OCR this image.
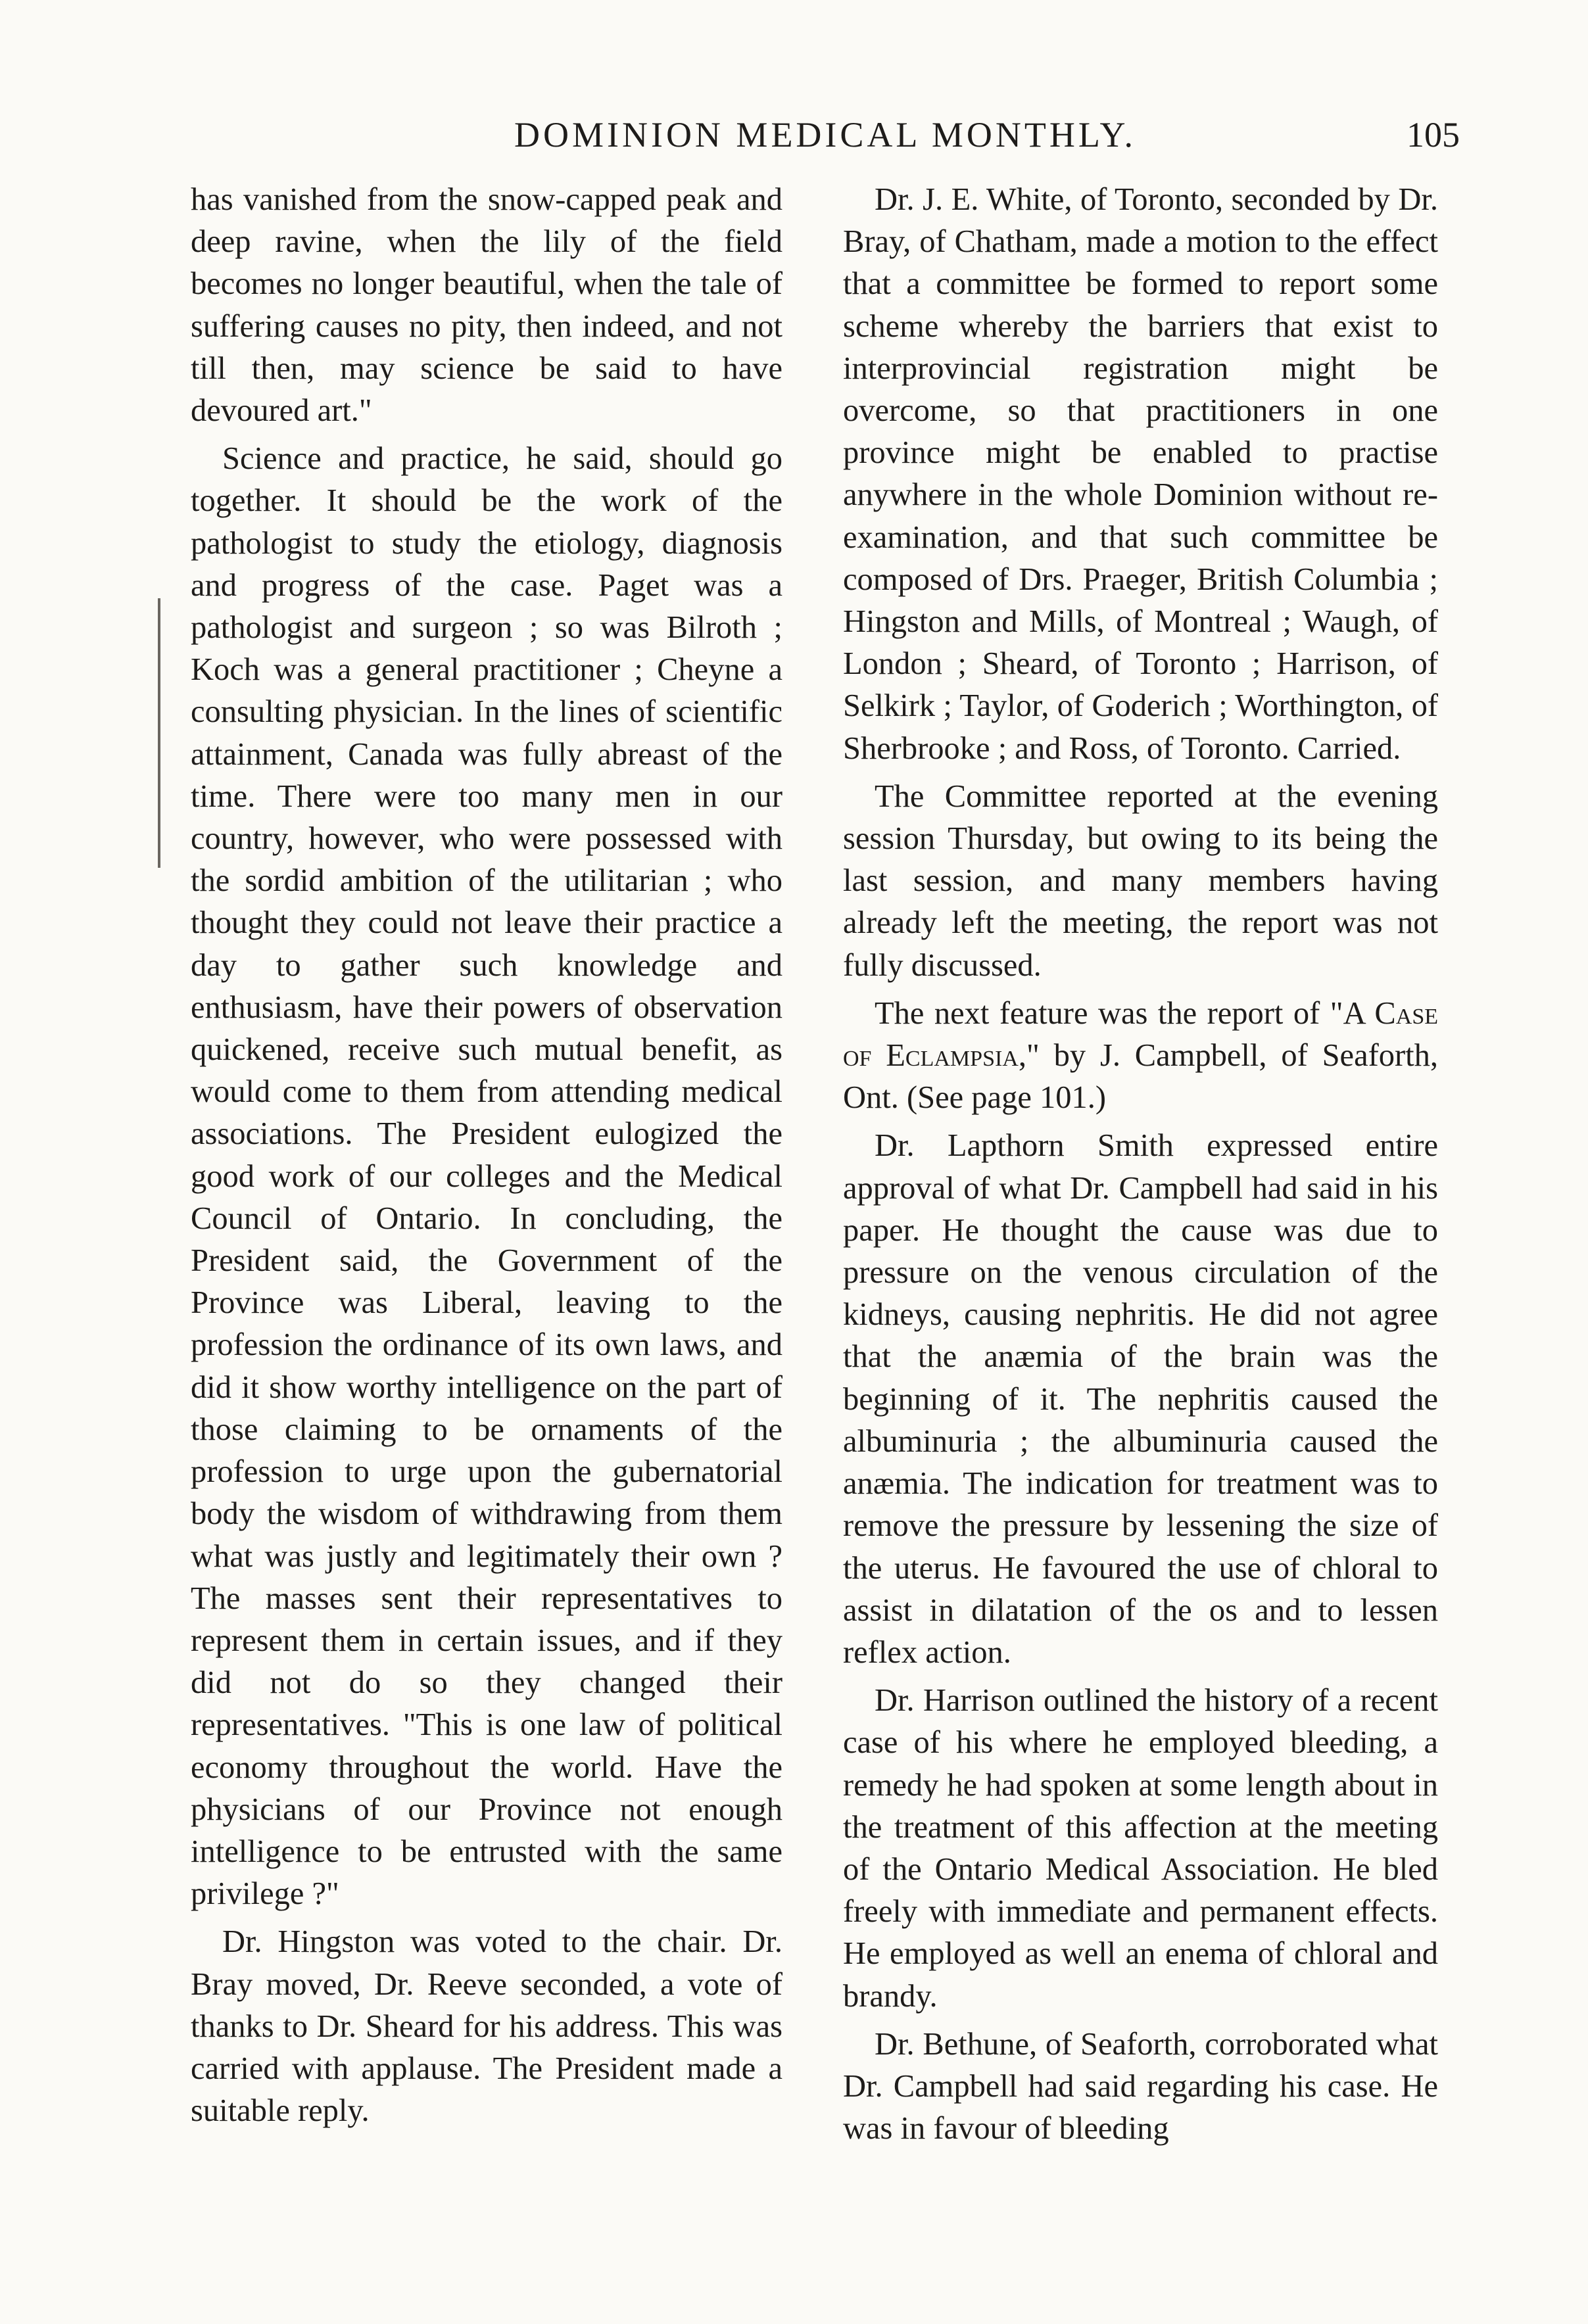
DOMINION MEDICAL MONTHLY.	105

has vanished from the snow-capped peak and deep ravine, when the lily of the field becomes no longer beautiful, when the tale of suffering causes no pity, then indeed, and not till then, may science be said to have devoured art."

Science and practice, he said, should go together. It should be the work of the pathologist to study the etiology, diagnosis and progress of the case. Paget was a pathologist and surgeon ; so was Bilroth ; Koch was a general practitioner ; Cheyne a consulting physician. In the lines of scientific attainment, Canada was fully abreast of the time. There were too many men in our country, however, who were possessed with the sordid ambition of the utilitarian ; who thought they could not leave their practice a day to gather such knowledge and enthusiasm, have their powers of observation quickened, receive such mutual benefit, as would come to them from attending medical associations. The President eulogized the good work of our colleges and the Medical Council of Ontario. In concluding, the President said, the Government of the Province was Liberal, leaving to the profession the ordinance of its own laws, and did it show worthy intelligence on the part of those claiming to be ornaments of the profession to urge upon the gubernatorial body the wisdom of withdrawing from them what was justly and legitimately their own ? The masses sent their representatives to represent them in certain issues, and if they did not do so they changed their representatives. "This is one law of political economy throughout the world. Have the physicians of our Province not enough intelligence to be entrusted with the same privilege ?"

Dr. Hingston was voted to the chair. Dr. Bray moved, Dr. Reeve seconded, a vote of thanks to Dr. Sheard for his address. This was carried with applause. The President made a suitable reply.

Dr. J. E. White, of Toronto, seconded by Dr. Bray, of Chatham, made a motion to the effect that a committee be formed to report some scheme whereby the barriers that exist to interprovincial registration might be overcome, so that practitioners in one province might be enabled to practise anywhere in the whole Dominion without re-examination, and that such committee be composed of Drs. Praeger, British Columbia ; Hingston and Mills, of Montreal ; Waugh, of London ; Sheard, of Toronto ; Harrison, of Selkirk ; Taylor, of Goderich ; Worthington, of Sherbrooke ; and Ross, of Toronto. Carried.

The Committee reported at the evening session Thursday, but owing to its being the last session, and many members having already left the meeting, the report was not fully discussed.

The next feature was the report of "A Case of Eclampsia," by J. Campbell, of Seaforth, Ont. (See page 101.)

Dr. Lapthorn Smith expressed entire approval of what Dr. Campbell had said in his paper. He thought the cause was due to pressure on the venous circulation of the kidneys, causing nephritis. He did not agree that the anæmia of the brain was the beginning of it. The nephritis caused the albuminuria ; the albuminuria caused the anæmia. The indication for treatment was to remove the pressure by lessening the size of the uterus. He favoured the use of chloral to assist in dilatation of the os and to lessen reflex action.

Dr. Harrison outlined the history of a recent case of his where he employed bleeding, a remedy he had spoken at some length about in the treatment of this affection at the meeting of the Ontario Medical Association. He bled freely with immediate and permanent effects. He employed as well an enema of chloral and brandy.

Dr. Bethune, of Seaforth, corroborated what Dr. Campbell had said regarding his case. He was in favour of bleeding
